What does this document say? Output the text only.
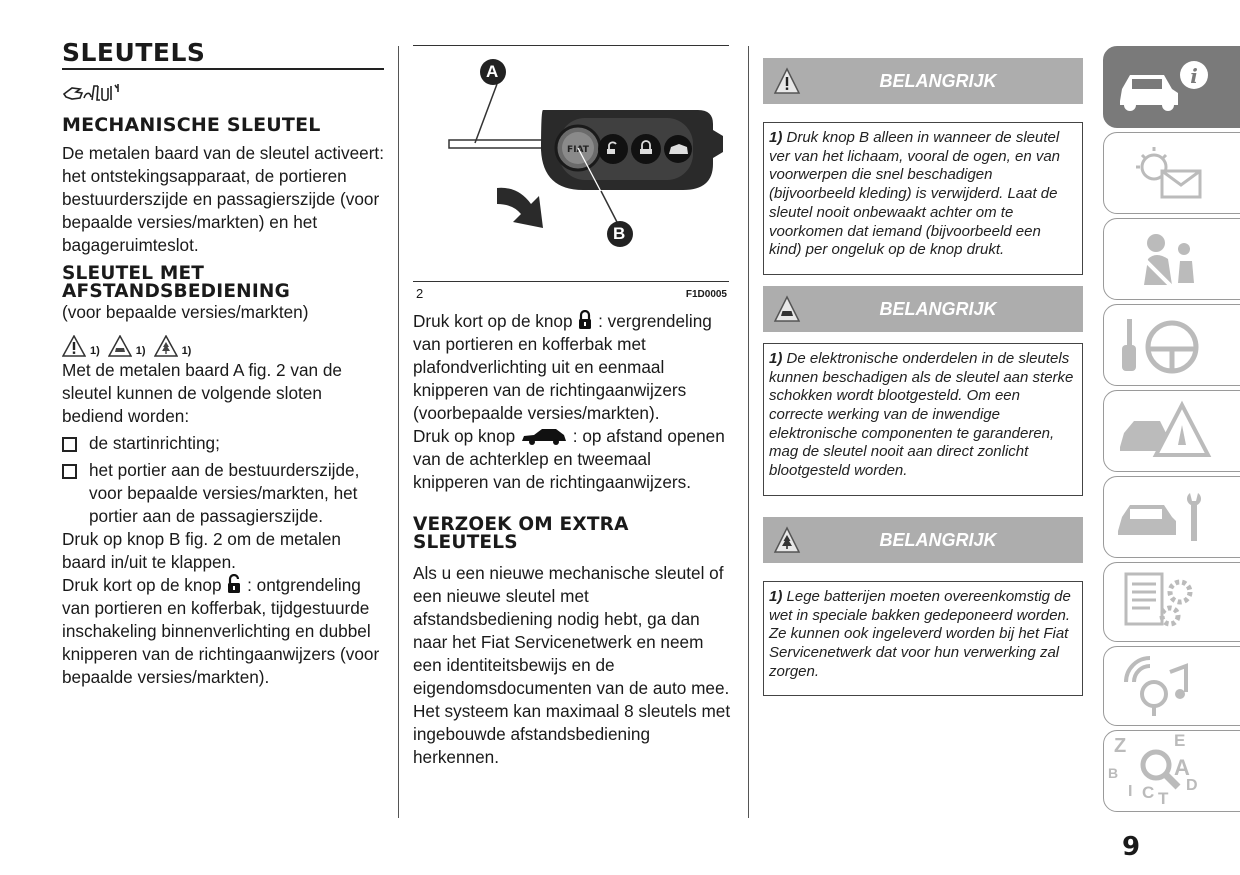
SLEUTELS
MECHANISCHE SLEUTEL

De metalen baard van de sleutel activeert: het ontstekingsapparaat, de portieren bestuurderszijde en passagierszijde (voor bepaalde versies/markten) en het bagageruimteslot.

SLEUTEL MET AFSTANDSBEDIENING

(voor bepaalde versies/markten)

1)	1)	1)

Met de metalen baard A fig. 2 van de sleutel kunnen de volgende sloten bediend worden:

de startinrichting;
het portier aan de bestuurderszijde, voor bepaalde versies/markten, het portier aan de passagierszijde.

Druk op knop B fig. 2 om de metalen baard in/uit te klappen.

Druk kort op de knop : ontgrendeling van portieren en kofferbak, tijdgestuurde inschakeling binnenverlichting en dubbel knipperen van de richtingaanwijzers (voor bepaalde versies/markten).

FIAT
A
B
2	F1D0005

Druk kort op de knop : vergrendeling van portieren en kofferbak met plafondverlichting uit en eenmaal knipperen van de richtingaanwijzers (voorbepaalde versies/markten).

Druk op knop	: op afstand openen van de achterklep en tweemaal knipperen van de richtingaanwijzers.

VERZOEK OM EXTRA SLEUTELS

Als u een nieuwe mechanische sleutel of een nieuwe sleutel met afstandsbediening nodig hebt, ga dan naar het Fiat Servicenetwerk en neem een identiteitsbewijs en de eigendomsdocumenten van de auto mee. Het systeem kan maximaal 8 sleutels met ingebouwde afstandsbediening herkennen.

BELANGRIJK
1) Druk knop B alleen in wanneer de sleutel ver van het lichaam, vooral de ogen, en van voorwerpen die snel beschadigen (bijvoorbeeld kleding) is verwijderd. Laat de sleutel nooit onbewaakt achter om te voorkomen dat iemand (bijvoorbeeld een kind) per ongeluk op de knop drukt.
BELANGRIJK
1) De elektronische onderdelen in de sleutels kunnen beschadigen als de sleutel aan sterke schokken wordt blootgesteld. Om een correcte werking van de inwendige elektronische componenten te garanderen, mag de sleutel nooit aan direct zonlicht blootgesteld worden.
BELANGRIJK
1) Lege batterijen moeten overeenkomstig de wet in speciale bakken gedeponeerd worden. Ze kunnen ook ingeleverd worden bij het Fiat Servicenetwerk dat voor hun verwerking zal zorgen.
i
Z	E
B	A
C T
D
I
9
